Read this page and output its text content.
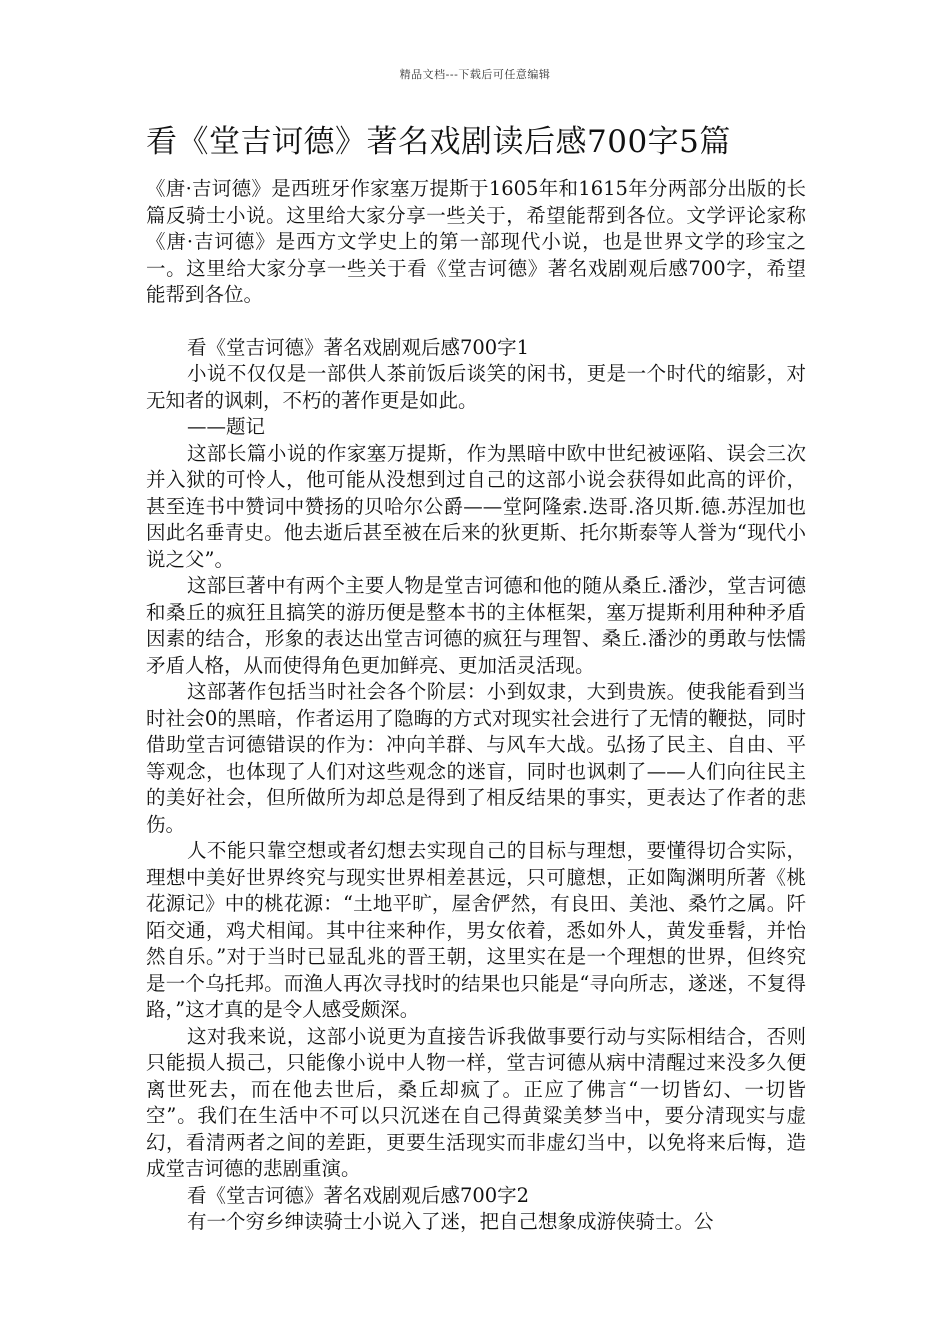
精品文档---下载后可任意编辑
看《堂吉诃德》著名戏剧读后感700字5篇

《唐·吉诃德》是西班牙作家塞万提斯于1605年和1615年分两部分出版的长篇反骑士小说。这里给大家分享一些关于，希望能帮到各位。文学评论家称《唐·吉诃德》是西方文学史上的第一部现代小说，也是世界文学的珍宝之一。这里给大家分享一些关于看《堂吉诃德》著名戏剧观后感700字，希望能帮到各位。

看《堂吉诃德》著名戏剧观后感700字1

小说不仅仅是一部供人茶前饭后谈笑的闲书，更是一个时代的缩影，对无知者的讽刺，不朽的著作更是如此。

——题记

这部长篇小说的作家塞万提斯，作为黑暗中欧中世纪被诬陷、误会三次并入狱的可怜人，他可能从没想到过自己的这部小说会获得如此高的评价，甚至连书中赞词中赞扬的贝哈尔公爵——堂阿隆索.迭哥.洛贝斯.德.苏涅加也因此名垂青史。他去逝后甚至被在后来的狄更斯、托尔斯泰等人誉为“现代小说之父”。

这部巨著中有两个主要人物是堂吉诃德和他的随从桑丘.潘沙，堂吉诃德和桑丘的疯狂且搞笑的游历便是整本书的主体框架，塞万提斯利用种种矛盾因素的结合，形象的表达出堂吉诃德的疯狂与理智、桑丘.潘沙的勇敢与怯懦矛盾人格，从而使得角色更加鲜亮、更加活灵活现。

这部著作包括当时社会各个阶层：小到奴隶，大到贵族。使我能看到当时社会0的黑暗，作者运用了隐晦的方式对现实社会进行了无情的鞭挞，同时借助堂吉诃德错误的作为：冲向羊群、与风车大战。弘扬了民主、自由、平等观念，也体现了人们对这些观念的迷盲，同时也讽刺了——人们向往民主的美好社会，但所做所为却总是得到了相反结果的事实，更表达了作者的悲伤。

人不能只靠空想或者幻想去实现自己的目标与理想，要懂得切合实际，理想中美好世界终究与现实世界相差甚远，只可臆想，正如陶渊明所著《桃花源记》中的桃花源：“土地平旷，屋舍俨然，有良田、美池、桑竹之属。阡陌交通，鸡犬相闻。其中往来种作，男女依着，悉如外人，黄发垂髫，并怡然自乐。”对于当时已显乱兆的晋王朝，这里实在是一个理想的世界，但终究是一个乌托邦。而渔人再次寻找时的结果也只能是“寻向所志，遂迷，不复得路，”这才真的是令人感受颇深。

这对我来说，这部小说更为直接告诉我做事要行动与实际相结合，否则只能损人损己，只能像小说中人物一样，堂吉诃德从病中清醒过来没多久便离世死去，而在他去世后，桑丘却疯了。正应了佛言“一切皆幻、一切皆空”。我们在生活中不可以只沉迷在自己得黄粱美梦当中，要分清现实与虚幻，看清两者之间的差距，更要生活现实而非虚幻当中，以免将来后悔，造成堂吉诃德的悲剧重演。

看《堂吉诃德》著名戏剧观后感700字2

有一个穷乡绅读骑士小说入了迷，把自己想象成游侠骑士。公
